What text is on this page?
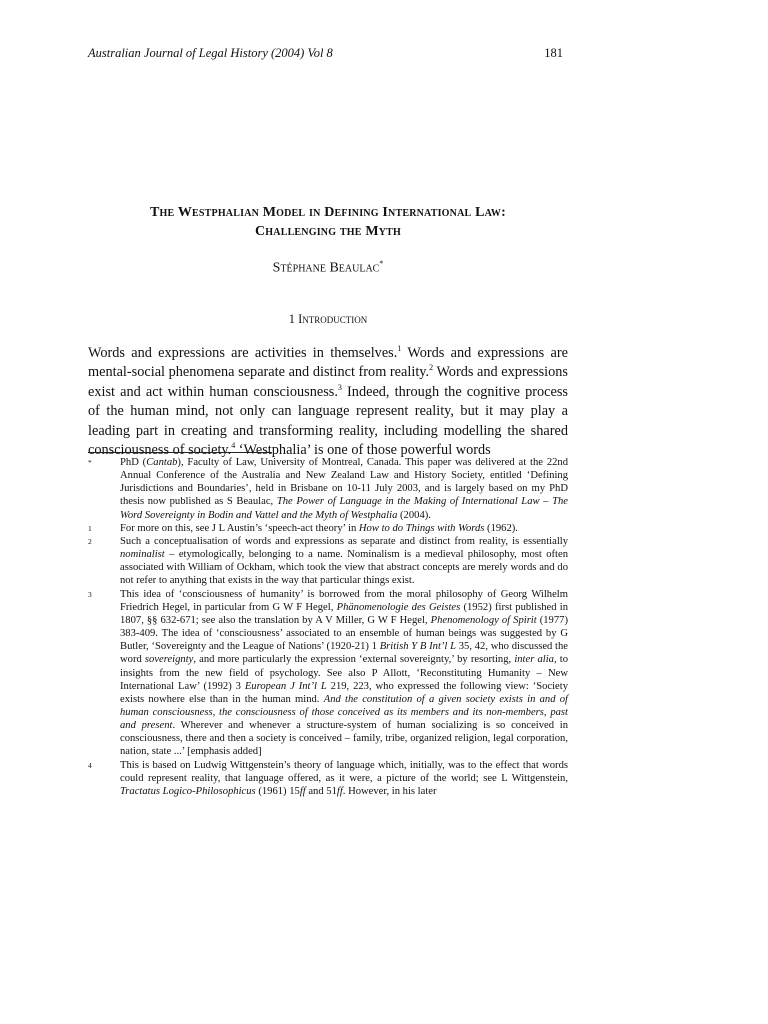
Australian Journal of Legal History (2004) Vol 8	181
The Westphalian Model in Defining International Law:
Challenging the Myth
Stéphane Beaulac*
1 Introduction

Words and expressions are activities in themselves.$^1$ Words and expressions are mental-social phenomena separate and distinct from reality.$^2$ Words and expressions exist and act within human consciousness.$^3$ Indeed, through the cognitive process of the human mind, not only can language represent reality, but it may play a leading part in creating and transforming reality, including modelling the shared consciousness of society.$^4$ ‘Westphalia’ is one of those powerful words

*	PhD (Cantab), Faculty of Law, University of Montreal, Canada. This paper was delivered at the 22nd Annual Conference of the Australia and New Zealand Law and History Society, entitled ‘Defining Jurisdictions and Boundaries’, held in Brisbane on 10-11 July 2003, and is largely based on my PhD thesis now published as S Beaulac, The Power of Language in the Making of International Law – The Word Sovereignty in Bodin and Vattel and the Myth of Westphalia (2004).

1	For more on this, see J L Austin’s ‘speech-act theory’ in How to do Things with Words (1962).

2	Such a conceptualisation of words and expressions as separate and distinct from reality, is essentially nominalist – etymologically, belonging to a name. Nominalism is a medieval philosophy, most often associated with William of Ockham, which took the view that abstract concepts are merely words and do not refer to anything that exists in the way that particular things exist.

3	This idea of ‘consciousness of humanity’ is borrowed from the moral philosophy of Georg Wilhelm Friedrich Hegel, in particular from G W F Hegel, Phänomenologie des Geistes (1952) first published in 1807, §§ 632-671; see also the translation by A V Miller, G W F Hegel, Phenomenology of Spirit (1977) 383-409. The idea of ‘consciousness’ associated to an ensemble of human beings was suggested by G Butler, ‘Sovereignty and the League of Nations’ (1920-21) 1 British Y B Int’l L 35, 42, who discussed the word sovereignty, and more particularly the expression ‘external sovereignty,’ by resorting, inter alia, to insights from the new field of psychology. See also P Allott, ‘Reconstituting Humanity – New International Law’ (1992) 3 European J Int’l L 219, 223, who expressed the following view: ‘Society exists nowhere else than in the human mind. And the constitution of a given society exists in and of human consciousness, the consciousness of those conceived as its members and its non-members, past and present. Wherever and whenever a structure-system of human socializing is so conceived in consciousness, there and then a society is conceived – family, tribe, organized religion, legal corporation, nation, state ...’ [emphasis added]

4	This is based on Ludwig Wittgenstein’s theory of language which, initially, was to the effect that words could represent reality, that language offered, as it were, a picture of the world; see L Wittgenstein, Tractatus Logico-Philosophicus (1961) 15ff and 51ff. However, in his later
